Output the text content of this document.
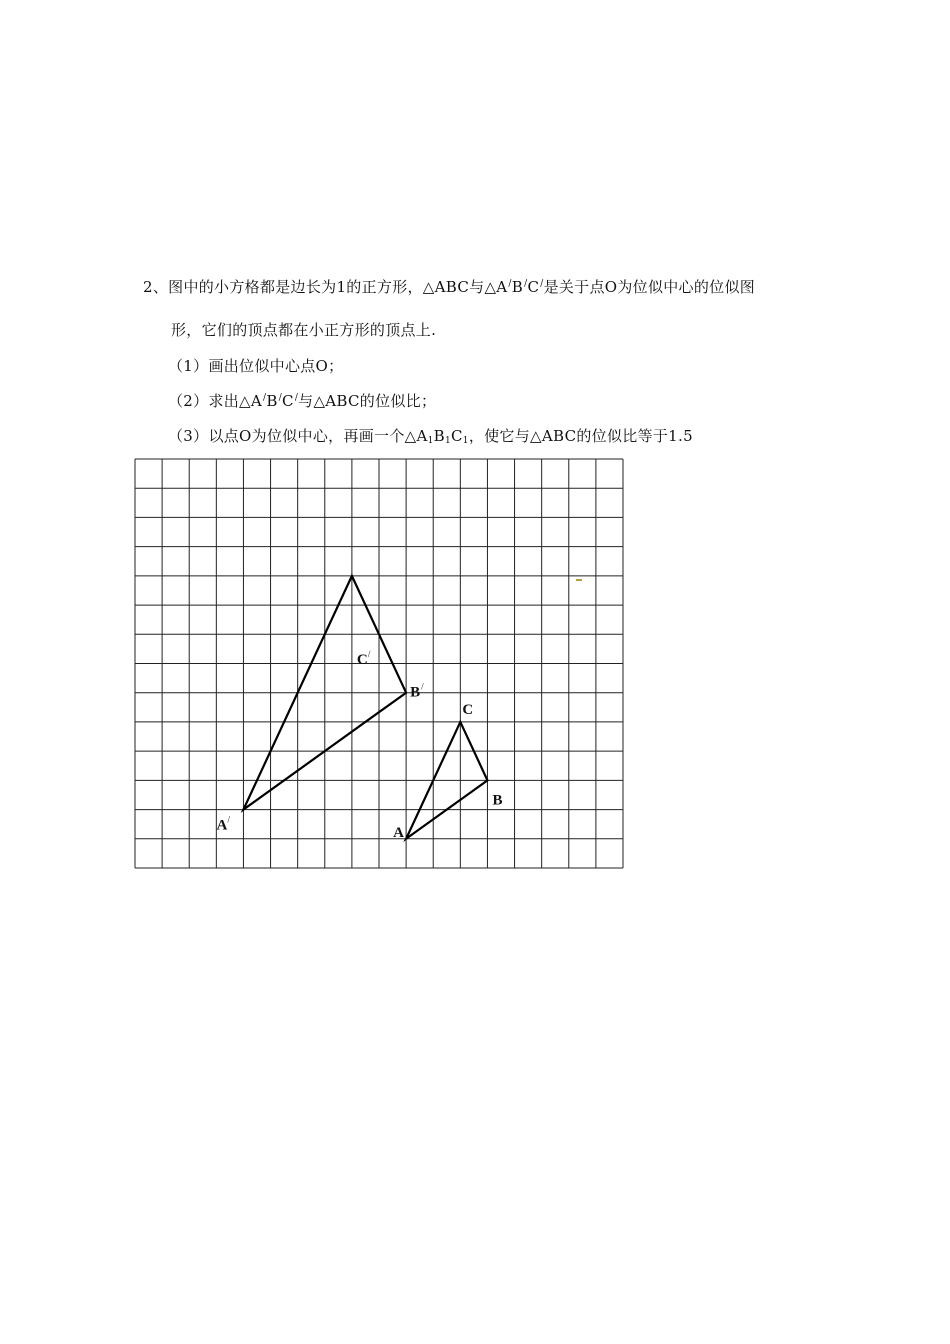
2、图中的小方格都是边长为1的正方形，△ABC与△A/B/C/是关于点O为位似中心的位似图
形，它们的顶点都在小正方形的顶点上.
（1）画出位似中心点O；
（2）求出△A/B/C/与△ABC的位似比；
（3）以点O为位似中心，再画一个$\triangle A_1B_1C_1$，使它与△ABC的位似比等于1.5
A
B
C
A /
B /
C /
